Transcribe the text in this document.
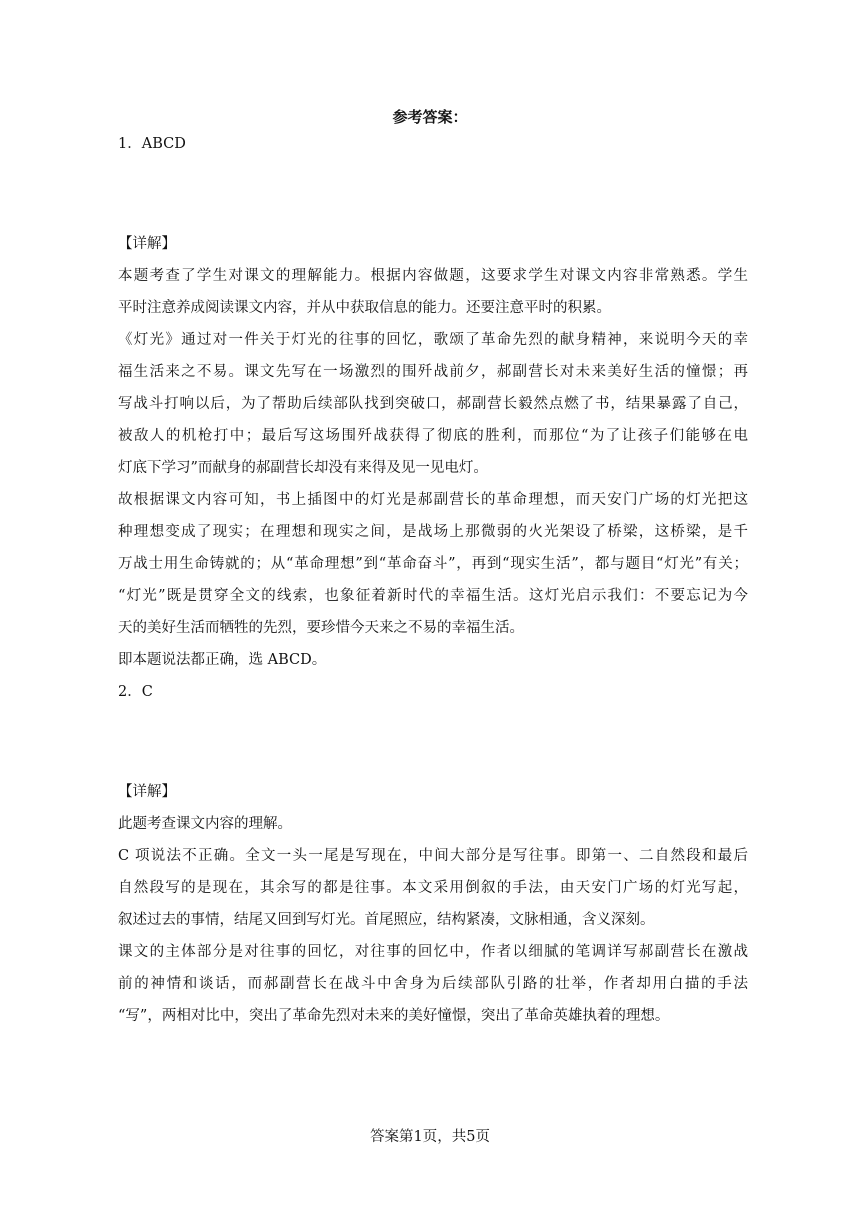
参考答案：
1．ABCD
【详解】
本题考查了学生对课文的理解能力。根据内容做题，这要求学生对课文内容非常熟悉。学生
平时注意养成阅读课文内容，并从中获取信息的能力。还要注意平时的积累。
《灯光》通过对一件关于灯光的往事的回忆，歌颂了革命先烈的献身精神，来说明今天的幸
福生活来之不易。课文先写在一场激烈的围歼战前夕，郝副营长对未来美好生活的憧憬；再
写战斗打响以后，为了帮助后续部队找到突破口，郝副营长毅然点燃了书，结果暴露了自己，
被敌人的机枪打中；最后写这场围歼战获得了彻底的胜利，而那位“为了让孩子们能够在电
灯底下学习”而献身的郝副营长却没有来得及见一见电灯。
故根据课文内容可知，书上插图中的灯光是郝副营长的革命理想，而天安门广场的灯光把这
种理想变成了现实；在理想和现实之间，是战场上那微弱的火光架设了桥梁，这桥梁，是千
万战士用生命铸就的；从“革命理想”到“革命奋斗”，再到“现实生活”，都与题目“灯光”有关；
“灯光”既是贯穿全文的线索，也象征着新时代的幸福生活。这灯光启示我们：不要忘记为今
天的美好生活而牺牲的先烈，要珍惜今天来之不易的幸福生活。
即本题说法都正确，选 ABCD。
2．C
【详解】
此题考查课文内容的理解。
C 项说法不正确。全文一头一尾是写现在，中间大部分是写往事。即第一、二自然段和最后
自然段写的是现在，其余写的都是往事。本文采用倒叙的手法，由天安门广场的灯光写起，
叙述过去的事情，结尾又回到写灯光。首尾照应，结构紧凑，文脉相通，含义深刻。
课文的主体部分是对往事的回忆，对往事的回忆中，作者以细腻的笔调详写郝副营长在激战
前的神情和谈话，而郝副营长在战斗中舍身为后续部队引路的壮举，作者却用白描的手法
“写”，两相对比中，突出了革命先烈对未来的美好憧憬，突出了革命英雄执着的理想。
答案第1页，共5页
